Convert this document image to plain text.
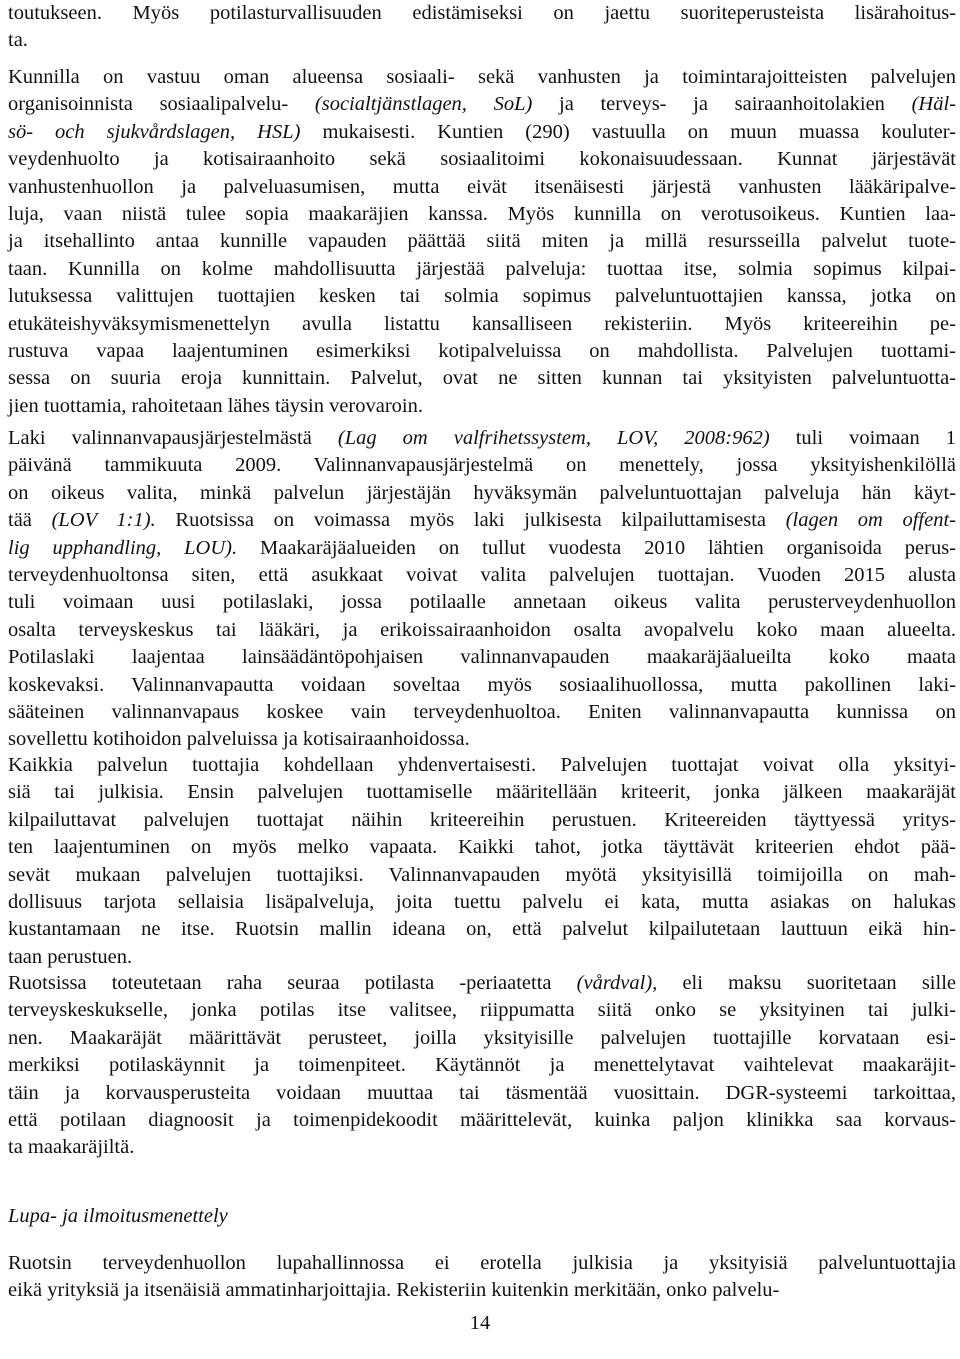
toutukseen. Myös potilasturvallisuuden edistämiseksi on jaettu suoriteperusteista lisärahoitus-
ta.
Kunnilla on vastuu oman alueensa sosiaali- sekä vanhusten ja toimintarajoitteisten palvelujen
organisoinnista sosiaalipalvelu- (socialtjänstlagen, SoL) ja terveys- ja sairaanhoitolakien (Häl-
sö- och sjukvårdslagen, HSL) mukaisesti. Kuntien (290) vastuulla on muun muassa kouluter-
veydenhuolto ja kotisairaanhoito sekä sosiaalitoimi kokonaisuudessaan. Kunnat järjestävät
vanhustenhuollon ja palveluasumisen, mutta eivät itsenäisesti järjestä vanhusten lääkäripalve-
luja, vaan niistä tulee sopia maakaräjien kanssa. Myös kunnilla on verotusoikeus. Kuntien laa-
ja itsehallinto antaa kunnille vapauden päättää siitä miten ja millä resursseilla palvelut tuote-
taan. Kunnilla on kolme mahdollisuutta järjestää palveluja: tuottaa itse, solmia sopimus kilpai-
lutuksessa valittujen tuottajien kesken tai solmia sopimus palveluntuottajien kanssa, jotka on
etukäteishyväksymismenettelyn avulla listattu kansalliseen rekisteriin. Myös kriteereihin pe-
rustuva vapaa laajentuminen esimerkiksi kotipalveluissa on mahdollista. Palvelujen tuottami-
sessa on suuria eroja kunnittain. Palvelut, ovat ne sitten kunnan tai yksityisten palveluntuotta-
jien tuottamia, rahoitetaan lähes täysin verovaroin.
Laki valinnanvapausjärjestelmästä (Lag om valfrihetssystem, LOV, 2008:962) tuli voimaan 1
päivänä tammikuuta 2009. Valinnanvapausjärjestelmä on menettely, jossa yksityishenkilöllä
on oikeus valita, minkä palvelun järjestäjän hyväksymän palveluntuottajan palveluja hän käyt-
tää (LOV 1:1). Ruotsissa on voimassa myös laki julkisesta kilpailuttamisesta (lagen om offent-
lig upphandling, LOU). Maakaräjäalueiden on tullut vuodesta 2010 lähtien organisoida perus-
terveydenhuoltonsa siten, että asukkaat voivat valita palvelujen tuottajan. Vuoden 2015 alusta
tuli voimaan uusi potilaslaki, jossa potilaalle annetaan oikeus valita perusterveydenhuollon
osalta terveyskeskus tai lääkäri, ja erikoissairaanhoidon osalta avopalvelu koko maan alueelta.
Potilaslaki laajentaa lainsäädäntöpohjaisen valinnanvapauden maakaräjäalueilta koko maata
koskevaksi. Valinnanvapautta voidaan soveltaa myös sosiaalihuollossa, mutta pakollinen laki-
sääteinen valinnanvapaus koskee vain terveydenhuoltoa. Eniten valinnanvapautta kunnissa on
sovellettu kotihoidon palveluissa ja kotisairaanhoidossa.
Kaikkia palvelun tuottajia kohdellaan yhdenvertaisesti. Palvelujen tuottajat voivat olla yksityi-
siä tai julkisia. Ensin palvelujen tuottamiselle määritellään kriteerit, jonka jälkeen maakaräjät
kilpailuttavat palvelujen tuottajat näihin kriteereihin perustuen. Kriteereiden täyttyessä yritys-
ten laajentuminen on myös melko vapaata. Kaikki tahot, jotka täyttävät kriteerien ehdot pää-
sevät mukaan palvelujen tuottajiksi. Valinnanvapauden myötä yksityisillä toimijoilla on mah-
dollisuus tarjota sellaisia lisäpalveluja, joita tuettu palvelu ei kata, mutta asiakas on halukas
kustantamaan ne itse. Ruotsin mallin ideana on, että palvelut kilpailutetaan lauttuun eikä hin-
taan perustuen.
Ruotsissa toteutetaan raha seuraa potilasta -periaatetta (vårdval), eli maksu suoritetaan sille
terveyskeskukselle, jonka potilas itse valitsee, riippumatta siitä onko se yksityinen tai julki-
nen. Maakaräjät määrittävät perusteet, joilla yksityisille palvelujen tuottajille korvataan esi-
merkiksi potilaskäynnit ja toimenpiteet. Käytännöt ja menettelytavat vaihtelevat maakaräjit-
täin ja korvausperusteita voidaan muuttaa tai täsmentää vuosittain. DGR-systeemi tarkoittaa,
että potilaan diagnoosit ja toimenpidekoodit määrittelevät, kuinka paljon klinikka saa korvaus-
ta maakaräjiltä.
Lupa- ja ilmoitusmenettely
Ruotsin terveydenhuollon lupahallinnossa ei erotella julkisia ja yksityisiä palveluntuottajia
eikä yrityksiä ja itsenäisiä ammatinharjoittajia. Rekisteriin kuitenkin merkitään, onko palvelu-
14
